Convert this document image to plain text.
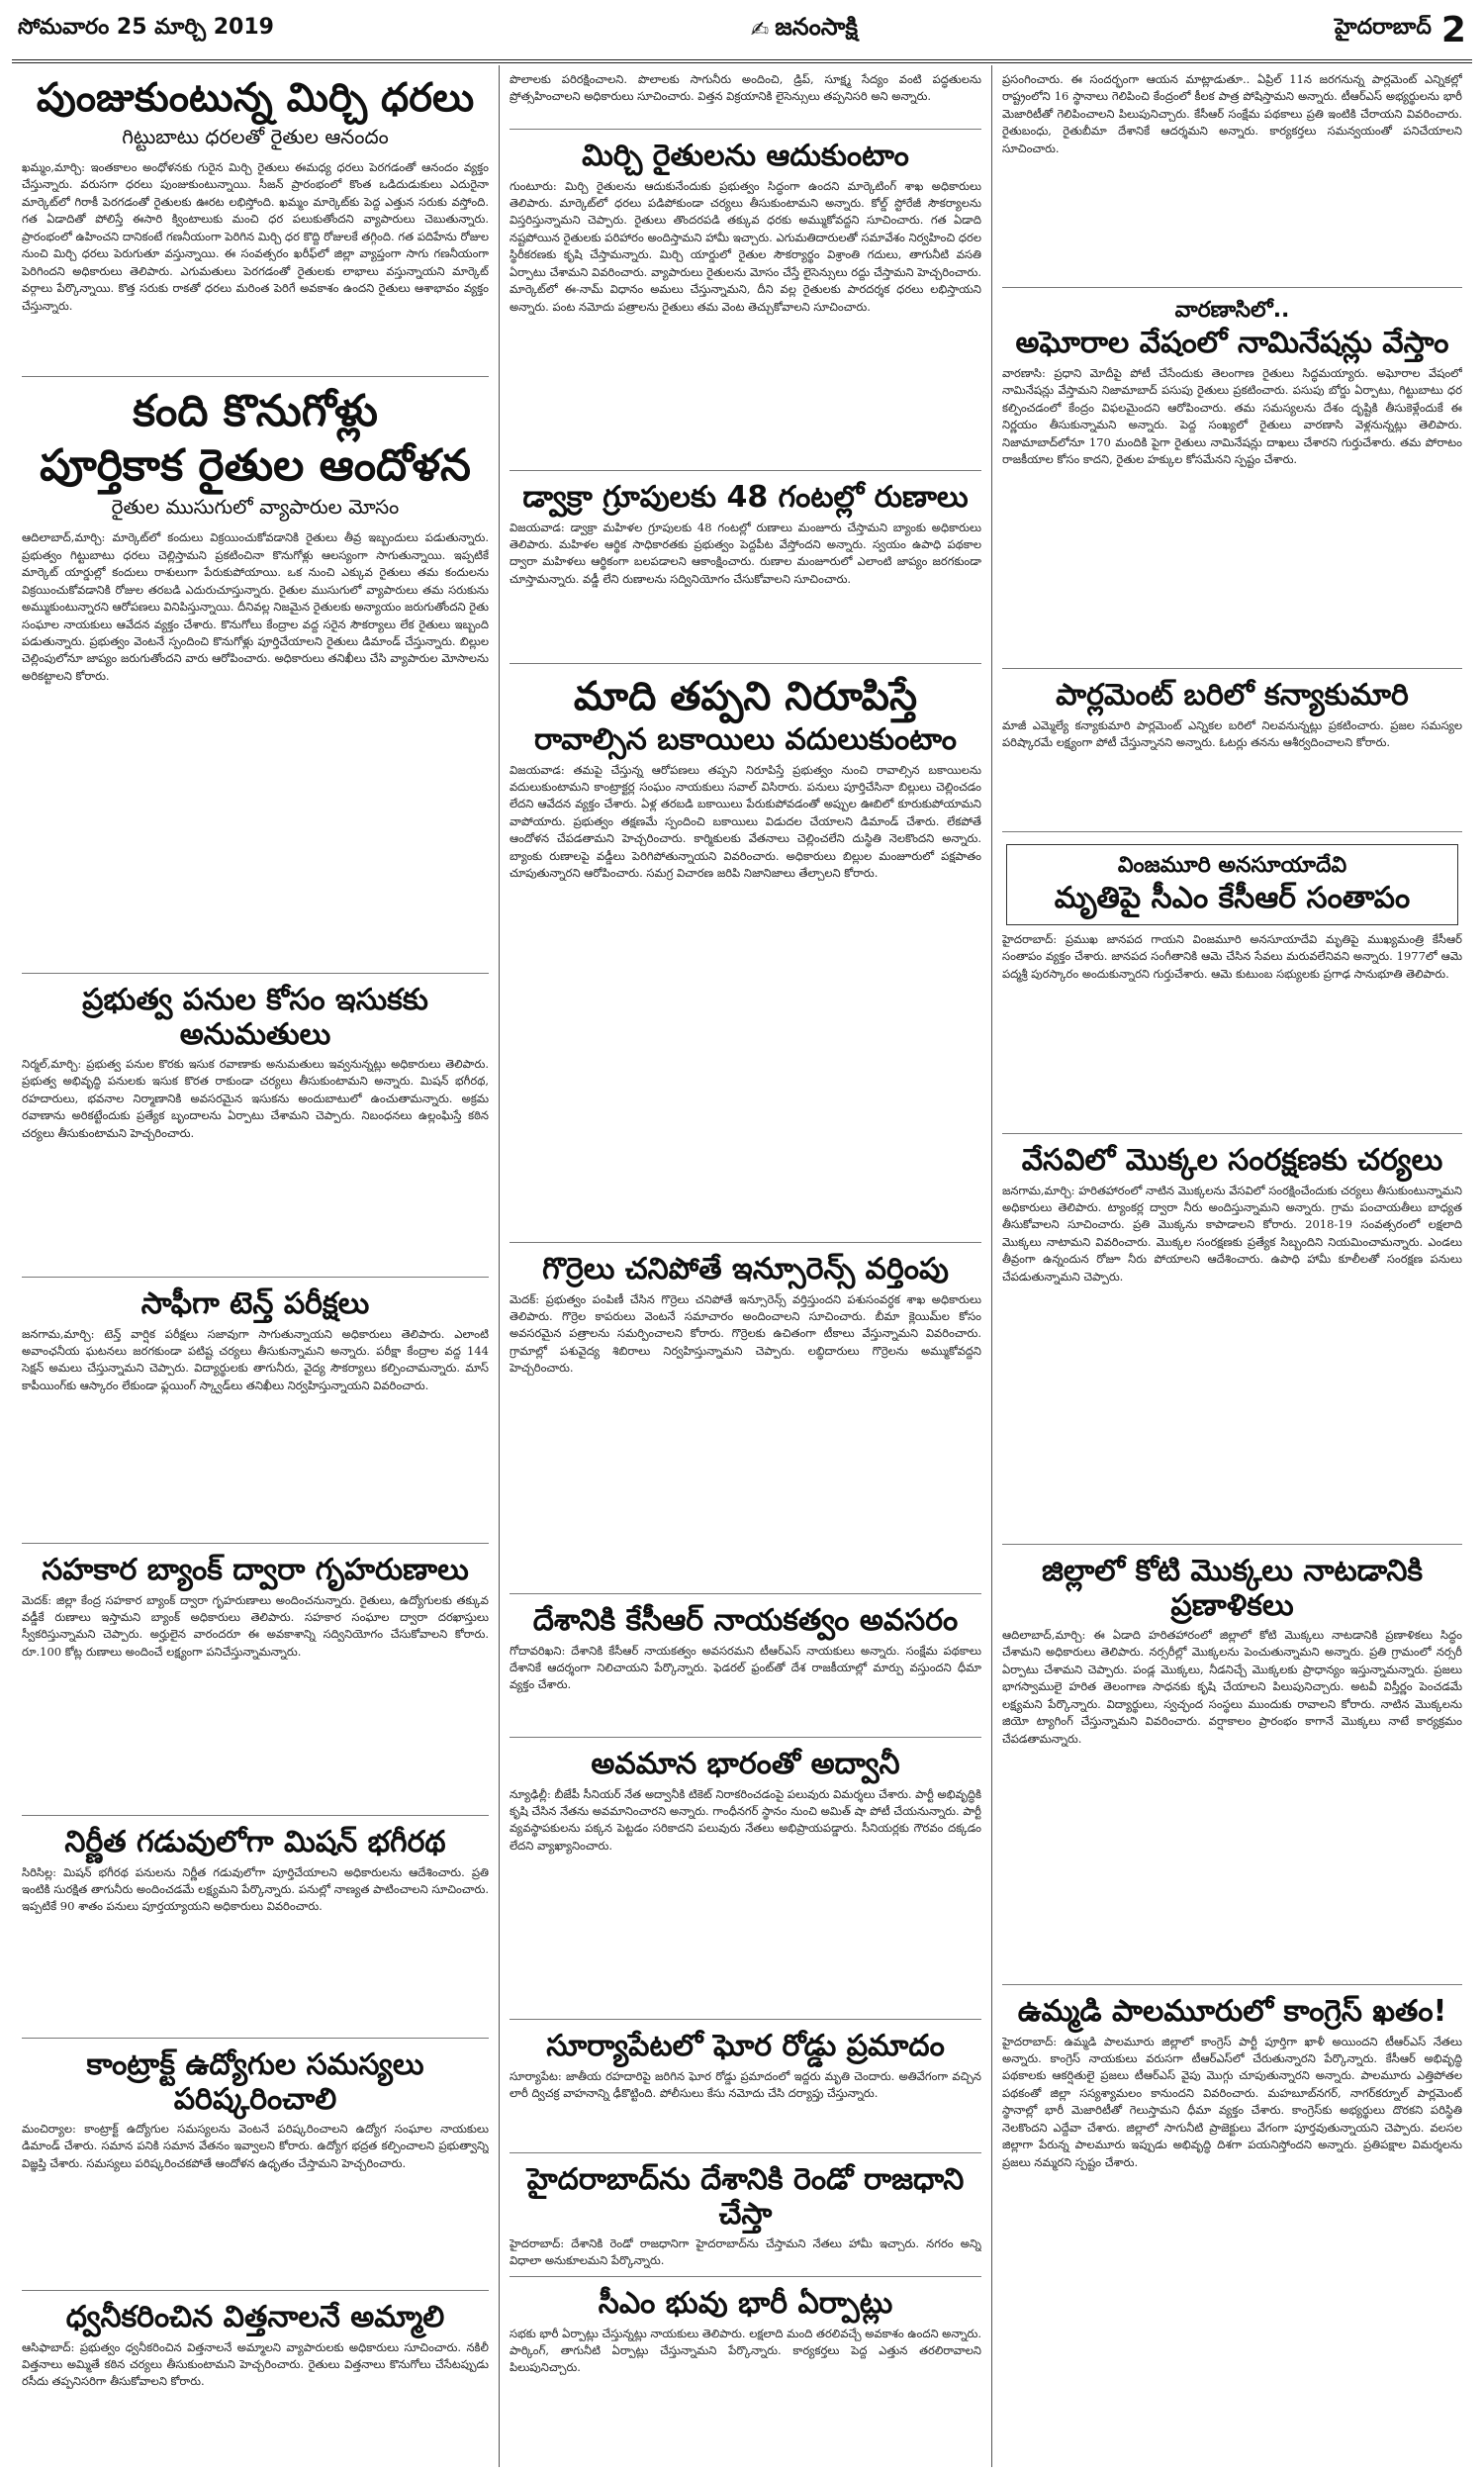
సోమవారం 25 మార్చి 2019	✍ జనంసాక్షి	హైదరాబాద్ 2
పుంజుకుంటున్న మిర్చి ధరలు
గిట్టుబాటు ధరలతో రైతుల ఆనందం

ఖమ్మం,మార్చి: ఇంతకాలం అంధోళనకు గురైన మిర్చి రైతులు ఈమధ్య ధరలు పెరగడంతో ఆనందం వ్యక్తం చేస్తున్నారు. వరుసగా ధరలు పుంజుకుంటున్నాయి. సీజన్ ప్రారంభంలో కొంత ఒడిదుడుకులు ఎదురైనా మార్కెట్‌లో గిరాకీ పెరగడంతో రైతులకు ఊరట లభిస్తోంది. ఖమ్మం మార్కెట్‌కు పెద్ద ఎత్తున సరుకు వస్తోంది. గత ఏడాదితో పోలిస్తే ఈసారి క్వింటాలుకు మంచి ధర పలుకుతోందని వ్యాపారులు చెబుతున్నారు. ప్రారంభంలో ఉహించని దానికంటే గణనీయంగా పెరిగిన మిర్చి ధర కొద్ది రోజులకే తగ్గింది. గత పదిహేను రోజుల నుంచి మిర్చి ధరలు పెరుగుతూ వస్తున్నాయి. ఈ సంవత్సరం ఖరీఫ్‌లో జిల్లా వ్యాప్తంగా సాగు గణనీయంగా పెరిగిందని అధికారులు తెలిపారు. ఎగుమతులు పెరగడంతో రైతులకు లాభాలు వస్తున్నాయని మార్కెట్ వర్గాలు పేర్కొన్నాయి. కొత్త సరుకు రాకతో ధరలు మరింత పెరిగే అవకాశం ఉందని రైతులు ఆశాభావం వ్యక్తం చేస్తున్నారు.

కంది కొనుగోళ్లు
పూర్తికాక రైతుల ఆందోళన
రైతుల ముసుగులో వ్యాపారుల మోసం

ఆదిలాబాద్,మార్చి: మార్కెట్‌లో కందులు విక్రయించుకోవడానికి రైతులు తీవ్ర ఇబ్బందులు పడుతున్నారు. ప్రభుత్వం గిట్టుబాటు ధరలు చెల్లిస్తామని ప్రకటించినా కొనుగోళ్లు ఆలస్యంగా సాగుతున్నాయి. ఇప్పటికే మార్కెట్ యార్డుల్లో కందులు రాశులుగా పేరుకుపోయాయి. ఒక నుంచి ఎక్కువ రైతులు తమ కందులను విక్రయించుకోవడానికి రోజుల తరబడి ఎదురుచూస్తున్నారు. రైతుల ముసుగులో వ్యాపారులు తమ సరుకును అమ్ముకుంటున్నారని ఆరోపణలు వినిపిస్తున్నాయి. దీనివల్ల నిజమైన రైతులకు అన్యాయం జరుగుతోందని రైతు సంఘాల నాయకులు ఆవేదన వ్యక్తం చేశారు. కొనుగోలు కేంద్రాల వద్ద సరైన సౌకర్యాలు లేక రైతులు ఇబ్బంది పడుతున్నారు. ప్రభుత్వం వెంటనే స్పందించి కొనుగోళ్లు పూర్తిచేయాలని రైతులు డిమాండ్ చేస్తున్నారు. బిల్లుల చెల్లింపులోనూ జాప్యం జరుగుతోందని వారు ఆరోపించారు. అధికారులు తనిఖీలు చేసి వ్యాపారుల మోసాలను అరికట్టాలని కోరారు.

ప్రభుత్వ పనుల కోసం ఇసుకకు అనుమతులు

నిర్మల్,మార్చి: ప్రభుత్వ పనుల కొరకు ఇసుక రవాణాకు అనుమతులు ఇవ్వనున్నట్లు అధికారులు తెలిపారు. ప్రభుత్వ అభివృద్ధి పనులకు ఇసుక కొరత రాకుండా చర్యలు తీసుకుంటామని అన్నారు. మిషన్ భగీరథ, రహదారులు, భవనాల నిర్మాణానికి అవసరమైన ఇసుకను అందుబాటులో ఉంచుతామన్నారు. అక్రమ రవాణాను అరికట్టేందుకు ప్రత్యేక బృందాలను ఏర్పాటు చేశామని చెప్పారు. నిబంధనలు ఉల్లంఘిస్తే కఠిన చర్యలు తీసుకుంటామని హెచ్చరించారు.

సాఫీగా టెన్త్ పరీక్షలు

జనగామ,మార్చి: టెన్త్ వార్షిక పరీక్షలు సజావుగా సాగుతున్నాయని అధికారులు తెలిపారు. ఎలాంటి అవాంఛనీయ ఘటనలు జరగకుండా పటిష్ట చర్యలు తీసుకున్నామని అన్నారు. పరీక్షా కేంద్రాల వద్ద 144 సెక్షన్ అమలు చేస్తున్నామని చెప్పారు. విద్యార్థులకు తాగునీరు, వైద్య సౌకర్యాలు కల్పించామన్నారు. మాస్ కాపీయింగ్‌కు ఆస్కారం లేకుండా ఫ్లయింగ్ స్క్వాడ్‌లు తనిఖీలు నిర్వహిస్తున్నాయని వివరించారు.

సహకార బ్యాంక్ ద్వారా గృహరుణాలు

మెదక్: జిల్లా కేంద్ర సహకార బ్యాంక్ ద్వారా గృహరుణాలు అందించనున్నారు. రైతులు, ఉద్యోగులకు తక్కువ వడ్డీకే రుణాలు ఇస్తామని బ్యాంక్ అధికారులు తెలిపారు. సహకార సంఘాల ద్వారా దరఖాస్తులు స్వీకరిస్తున్నామని చెప్పారు. అర్హులైన వారందరూ ఈ అవకాశాన్ని సద్వినియోగం చేసుకోవాలని కోరారు. రూ.100 కోట్ల రుణాలు అందించే లక్ష్యంగా పనిచేస్తున్నామన్నారు.

నిర్ణీత గడువులోగా మిషన్ భగీరథ

సిరిసిల్ల: మిషన్ భగీరథ పనులను నిర్ణీత గడువులోగా పూర్తిచేయాలని అధికారులను ఆదేశించారు. ప్రతి ఇంటికి సురక్షిత తాగునీరు అందించడమే లక్ష్యమని పేర్కొన్నారు. పనుల్లో నాణ్యత పాటించాలని సూచించారు. ఇప్పటికే 90 శాతం పనులు పూర్తయ్యాయని అధికారులు వివరించారు.

కాంట్రాక్ట్ ఉద్యోగుల సమస్యలు పరిష్కరించాలి

మంచిర్యాల: కాంట్రాక్ట్ ఉద్యోగుల సమస్యలను వెంటనే పరిష్కరించాలని ఉద్యోగ సంఘాల నాయకులు డిమాండ్ చేశారు. సమాన పనికి సమాన వేతనం ఇవ్వాలని కోరారు. ఉద్యోగ భద్రత కల్పించాలని ప్రభుత్వాన్ని విజ్ఞప్తి చేశారు. సమస్యలు పరిష్కరించకపోతే ఆందోళన ఉధృతం చేస్తామని హెచ్చరించారు.

ధ్వనీకరించిన విత్తనాలనే అమ్మాలి

ఆసిఫాబాద్: ప్రభుత్వం ధ్వనీకరించిన విత్తనాలనే అమ్మాలని వ్యాపారులకు అధికారులు సూచించారు. నకిలీ విత్తనాలు అమ్మితే కఠిన చర్యలు తీసుకుంటామని హెచ్చరించారు. రైతులు విత్తనాలు కొనుగోలు చేసేటప్పుడు రసీదు తప్పనిసరిగా తీసుకోవాలని కోరారు.

పొలాలకు పరిరక్షించాలని. పొలాలకు సాగునీరు అందించి, డ్రిప్, సూక్ష్మ సేద్యం వంటి పద్ధతులను ప్రోత్సహించాలని అధికారులు సూచించారు. విత్తన విక్రయానికి లైసెన్సులు తప్పనిసరి అని అన్నారు.

మిర్చి రైతులను ఆదుకుంటాం

గుంటూరు: మిర్చి రైతులను ఆదుకునేందుకు ప్రభుత్వం సిద్ధంగా ఉందని మార్కెటింగ్ శాఖ అధికారులు తెలిపారు. మార్కెట్‌లో ధరలు పడిపోకుండా చర్యలు తీసుకుంటామని అన్నారు. కోల్డ్ స్టోరేజీ సౌకర్యాలను విస్తరిస్తున్నామని చెప్పారు. రైతులు తొందరపడి తక్కువ ధరకు అమ్ముకోవద్దని సూచించారు. గత ఏడాది నష్టపోయిన రైతులకు పరిహారం అందిస్తామని హామీ ఇచ్చారు. ఎగుమతిదారులతో సమావేశం నిర్వహించి ధరల స్థిరీకరణకు కృషి చేస్తామన్నారు. మిర్చి యార్డులో రైతుల సౌకర్యార్థం విశ్రాంతి గదులు, తాగునీటి వసతి ఏర్పాటు చేశామని వివరించారు. వ్యాపారులు రైతులను మోసం చేస్తే లైసెన్సులు రద్దు చేస్తామని హెచ్చరించారు. మార్కెట్‌లో ఈ-నామ్ విధానం అమలు చేస్తున్నామని, దీని వల్ల రైతులకు పారదర్శక ధరలు లభిస్తాయని అన్నారు. పంట నమోదు పత్రాలను రైతులు తమ వెంట తెచ్చుకోవాలని సూచించారు.

డ్వాక్రా గ్రూపులకు 48 గంటల్లో రుణాలు

విజయవాడ: డ్వాక్రా మహిళల గ్రూపులకు 48 గంటల్లో రుణాలు మంజూరు చేస్తామని బ్యాంకు అధికారులు తెలిపారు. మహిళల ఆర్థిక సాధికారతకు ప్రభుత్వం పెద్దపీట వేస్తోందని అన్నారు. స్వయం ఉపాధి పథకాల ద్వారా మహిళలు ఆర్థికంగా బలపడాలని ఆకాంక్షించారు. రుణాల మంజూరులో ఎలాంటి జాప్యం జరగకుండా చూస్తామన్నారు. వడ్డీ లేని రుణాలను సద్వినియోగం చేసుకోవాలని సూచించారు.

మాది తప్పని నిరూపిస్తే
రావాల్సిన బకాయిలు వదులుకుంటాం

విజయవాడ: తమపై చేస్తున్న ఆరోపణలు తప్పని నిరూపిస్తే ప్రభుత్వం నుంచి రావాల్సిన బకాయిలను వదులుకుంటామని కాంట్రాక్టర్ల సంఘం నాయకులు సవాల్ విసిరారు. పనులు పూర్తిచేసినా బిల్లులు చెల్లించడం లేదని ఆవేదన వ్యక్తం చేశారు. ఏళ్ల తరబడి బకాయిలు పేరుకుపోవడంతో అప్పుల ఊబిలో కూరుకుపోయామని వాపోయారు. ప్రభుత్వం తక్షణమే స్పందించి బకాయిలు విడుదల చేయాలని డిమాండ్ చేశారు. లేకపోతే ఆందోళన చేపడతామని హెచ్చరించారు. కార్మికులకు వేతనాలు చెల్లించలేని దుస్థితి నెలకొందని అన్నారు. బ్యాంకు రుణాలపై వడ్డీలు పెరిగిపోతున్నాయని వివరించారు. అధికారులు బిల్లుల మంజూరులో పక్షపాతం చూపుతున్నారని ఆరోపించారు. సమగ్ర విచారణ జరిపి నిజానిజాలు తేల్చాలని కోరారు.

గొర్రెలు చనిపోతే ఇన్సూరెన్స్ వర్తింపు

మెదక్: ప్రభుత్వం పంపిణీ చేసిన గొర్రెలు చనిపోతే ఇన్సూరెన్స్ వర్తిస్తుందని పశుసంవర్ధక శాఖ అధికారులు తెలిపారు. గొర్రెల కాపరులు వెంటనే సమాచారం అందించాలని సూచించారు. బీమా క్లెయిమ్‌ల కోసం అవసరమైన పత్రాలను సమర్పించాలని కోరారు. గొర్రెలకు ఉచితంగా టీకాలు వేస్తున్నామని వివరించారు. గ్రామాల్లో పశువైద్య శిబిరాలు నిర్వహిస్తున్నామని చెప్పారు. లబ్ధిదారులు గొర్రెలను అమ్ముకోవద్దని హెచ్చరించారు.

దేశానికి కేసీఆర్ నాయకత్వం అవసరం

గోదావరిఖని: దేశానికి కేసీఆర్ నాయకత్వం అవసరమని టీఆర్ఎస్ నాయకులు అన్నారు. సంక్షేమ పథకాలు దేశానికే ఆదర్శంగా నిలిచాయని పేర్కొన్నారు. ఫెడరల్ ఫ్రంట్‌తో దేశ రాజకీయాల్లో మార్పు వస్తుందని ధీమా వ్యక్తం చేశారు.

అవమాన భారంతో అద్వానీ

న్యూఢిల్లీ: బీజేపీ సీనియర్ నేత అద్వానీకి టికెట్ నిరాకరించడంపై పలువురు విమర్శలు చేశారు. పార్టీ అభివృద్ధికి కృషి చేసిన నేతను అవమానించారని అన్నారు. గాంధీనగర్ స్థానం నుంచి అమిత్ షా పోటీ చేయనున్నారు. పార్టీ వ్యవస్థాపకులను పక్కన పెట్టడం సరికాదని పలువురు నేతలు అభిప్రాయపడ్డారు. సీనియర్లకు గౌరవం దక్కడం లేదని వ్యాఖ్యానించారు.

సూర్యాపేటలో ఘోర రోడ్డు ప్రమాదం

సూర్యాపేట: జాతీయ రహదారిపై జరిగిన ఘోర రోడ్డు ప్రమాదంలో ఇద్దరు మృతి చెందారు. అతివేగంగా వచ్చిన లారీ ద్విచక్ర వాహనాన్ని ఢీకొట్టింది. పోలీసులు కేసు నమోదు చేసి దర్యాప్తు చేస్తున్నారు.

హైదరాబాద్‌ను దేశానికి రెండో రాజధాని చేస్తా

హైదరాబాద్: దేశానికి రెండో రాజధానిగా హైదరాబాద్‌ను చేస్తామని నేతలు హామీ ఇచ్చారు. నగరం అన్ని విధాలా అనుకూలమని పేర్కొన్నారు.

సీఎం భువు భారీ ఏర్పాట్లు

సభకు భారీ ఏర్పాట్లు చేస్తున్నట్లు నాయకులు తెలిపారు. లక్షలాది మంది తరలివచ్చే అవకాశం ఉందని అన్నారు. పార్కింగ్, తాగునీటి ఏర్పాట్లు చేస్తున్నామని పేర్కొన్నారు. కార్యకర్తలు పెద్ద ఎత్తున తరలిరావాలని పిలుపునిచ్చారు.

ప్రసంగించారు. ఈ సందర్భంగా ఆయన మాట్లాడుతూ.. ఏప్రిల్ 11న జరగనున్న పార్లమెంట్ ఎన్నికల్లో రాష్ట్రంలోని 16 స్థానాలు గెలిపించి కేంద్రంలో కీలక పాత్ర పోషిస్తామని అన్నారు. టీఆర్ఎస్ అభ్యర్థులను భారీ మెజారిటీతో గెలిపించాలని పిలుపునిచ్చారు. కేసీఆర్ సంక్షేమ పథకాలు ప్రతి ఇంటికి చేరాయని వివరించారు. రైతుబంధు, రైతుబీమా దేశానికే ఆదర్శమని అన్నారు. కార్యకర్తలు సమన్వయంతో పనిచేయాలని సూచించారు.

వారణాసిలో..
అఘోరాల వేషంలో నామినేషన్లు వేస్తాం

వారణాసి: ప్రధాని మోదీపై పోటీ చేసేందుకు తెలంగాణ రైతులు సిద్ధమయ్యారు. అఘోరాల వేషంలో నామినేషన్లు వేస్తామని నిజామాబాద్ పసుపు రైతులు ప్రకటించారు. పసుపు బోర్డు ఏర్పాటు, గిట్టుబాటు ధర కల్పించడంలో కేంద్రం విఫలమైందని ఆరోపించారు. తమ సమస్యలను దేశం దృష్టికి తీసుకెళ్లేందుకే ఈ నిర్ణయం తీసుకున్నామని అన్నారు. పెద్ద సంఖ్యలో రైతులు వారణాసి వెళ్లనున్నట్లు తెలిపారు. నిజామాబాద్‌లోనూ 170 మందికి పైగా రైతులు నామినేషన్లు దాఖలు చేశారని గుర్తుచేశారు. తమ పోరాటం రాజకీయాల కోసం కాదని, రైతుల హక్కుల కోసమేనని స్పష్టం చేశారు.

పార్లమెంట్ బరిలో కన్యాకుమారి

మాజీ ఎమ్మెల్యే కన్యాకుమారి పార్లమెంట్ ఎన్నికల బరిలో నిలవనున్నట్లు ప్రకటించారు. ప్రజల సమస్యల పరిష్కారమే లక్ష్యంగా పోటీ చేస్తున్నానని అన్నారు. ఓటర్లు తనను ఆశీర్వదించాలని కోరారు.

వింజమూరి అనసూయాదేవి
మృతిపై సీఎం కేసీఆర్ సంతాపం

హైదరాబాద్: ప్రముఖ జానపద గాయని వింజమూరి అనసూయాదేవి మృతిపై ముఖ్యమంత్రి కేసీఆర్ సంతాపం వ్యక్తం చేశారు. జానపద సంగీతానికి ఆమె చేసిన సేవలు మరువలేనివని అన్నారు. 1977లో ఆమె పద్మశ్రీ పురస్కారం అందుకున్నారని గుర్తుచేశారు. ఆమె కుటుంబ సభ్యులకు ప్రగాఢ సానుభూతి తెలిపారు.

వేసవిలో మొక్కల సంరక్షణకు చర్యలు

జనగామ,మార్చి: హరితహారంలో నాటిన మొక్కలను వేసవిలో సంరక్షించేందుకు చర్యలు తీసుకుంటున్నామని అధికారులు తెలిపారు. ట్యాంకర్ల ద్వారా నీరు అందిస్తున్నామని అన్నారు. గ్రామ పంచాయతీలు బాధ్యత తీసుకోవాలని సూచించారు. ప్రతి మొక్కను కాపాడాలని కోరారు. 2018-19 సంవత్సరంలో లక్షలాది మొక్కలు నాటామని వివరించారు. మొక్కల సంరక్షణకు ప్రత్యేక సిబ్బందిని నియమించామన్నారు. ఎండలు తీవ్రంగా ఉన్నందున రోజూ నీరు పోయాలని ఆదేశించారు. ఉపాధి హామీ కూలీలతో సంరక్షణ పనులు చేపడుతున్నామని చెప్పారు.

జిల్లాలో కోటి మొక్కలు నాటడానికి ప్రణాళికలు

ఆదిలాబాద్,మార్చి: ఈ ఏడాది హరితహారంలో జిల్లాలో కోటి మొక్కలు నాటడానికి ప్రణాళికలు సిద్ధం చేశామని అధికారులు తెలిపారు. నర్సరీల్లో మొక్కలను పెంచుతున్నామని అన్నారు. ప్రతి గ్రామంలో నర్సరీ ఏర్పాటు చేశామని చెప్పారు. పండ్ల మొక్కలు, నీడనిచ్చే మొక్కలకు ప్రాధాన్యం ఇస్తున్నామన్నారు. ప్రజలు భాగస్వాములై హరిత తెలంగాణ సాధనకు కృషి చేయాలని పిలుపునిచ్చారు. అటవీ విస్తీర్ణం పెంచడమే లక్ష్యమని పేర్కొన్నారు. విద్యార్థులు, స్వచ్ఛంద సంస్థలు ముందుకు రావాలని కోరారు. నాటిన మొక్కలను జియో ట్యాగింగ్ చేస్తున్నామని వివరించారు. వర్షాకాలం ప్రారంభం కాగానే మొక్కలు నాటే కార్యక్రమం చేపడతామన్నారు.

ఉమ్మడి పాలమూరులో కాంగ్రెస్ ఖతం!

హైదరాబాద్: ఉమ్మడి పాలమూరు జిల్లాలో కాంగ్రెస్ పార్టీ పూర్తిగా ఖాళీ అయిందని టీఆర్ఎస్ నేతలు అన్నారు. కాంగ్రెస్ నాయకులు వరుసగా టీఆర్ఎస్‌లో చేరుతున్నారని పేర్కొన్నారు. కేసీఆర్ అభివృద్ధి పథకాలకు ఆకర్షితులై ప్రజలు టీఆర్ఎస్ వైపు మొగ్గు చూపుతున్నారని అన్నారు. పాలమూరు ఎత్తిపోతల పథకంతో జిల్లా సస్యశ్యామలం కానుందని వివరించారు. మహబూబ్‌నగర్, నాగర్‌కర్నూల్ పార్లమెంట్ స్థానాల్లో భారీ మెజారిటీతో గెలుస్తామని ధీమా వ్యక్తం చేశారు. కాంగ్రెస్‌కు అభ్యర్థులు దొరకని పరిస్థితి నెలకొందని ఎద్దేవా చేశారు. జిల్లాలో సాగునీటి ప్రాజెక్టులు వేగంగా పూర్తవుతున్నాయని చెప్పారు. వలసల జిల్లాగా పేరున్న పాలమూరు ఇప్పుడు అభివృద్ధి దిశగా పయనిస్తోందని అన్నారు. ప్రతిపక్షాల విమర్శలను ప్రజలు నమ్మరని స్పష్టం చేశారు.
